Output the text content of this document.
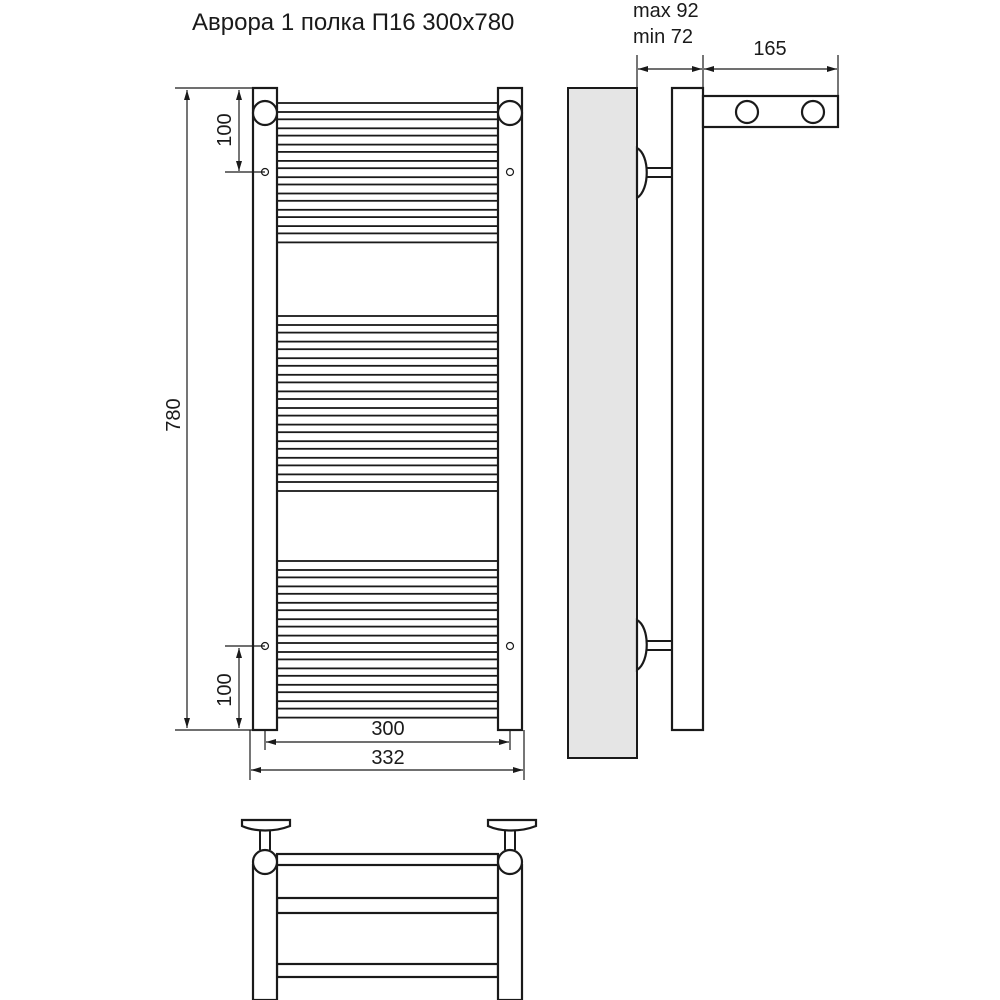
Аврора 1 полка П16 300х780
780
100
100
300
332
max 92
min 72
165
